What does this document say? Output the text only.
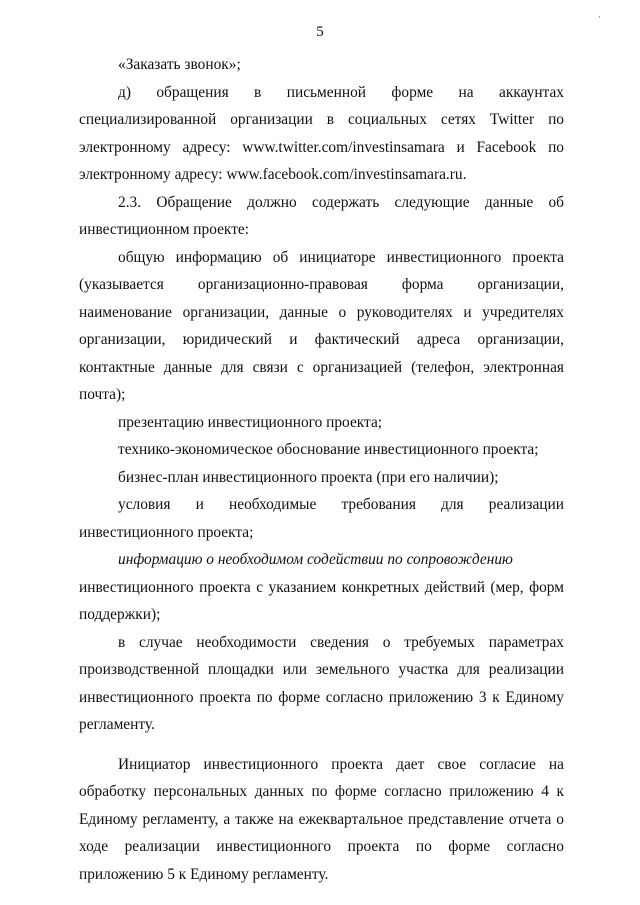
·
5

«Заказать звонок»;

д) обращения в письменной форме на аккаунтах специализированной организации в социальных сетях Twitter по электронному адресу: www.twitter.com/investinsamara и Facebook по электронному адресу: www.facebook.com/investinsamara.ru.

2.3. Обращение должно содержать следующие данные об инвестиционном проекте:

общую информацию об инициаторе инвестиционного проекта (указывается организационно-правовая форма организации, наименование организации, данные о руководителях и учредителях организации, юридический и фактический адреса организации, контактные данные для связи с организацией (телефон, электронная почта);

презентацию инвестиционного проекта;

технико-экономическое обоснование инвестиционного проекта;

бизнес-план инвестиционного проекта (при его наличии);

условия и необходимые требования для реализации инвестиционного проекта;

информацию о необходимом содействии по сопровождению

инвестиционного проекта с указанием конкретных действий (мер, форм поддержки);

в случае необходимости сведения о требуемых параметрах производственной площадки или земельного участка для реализации инвестиционного проекта по форме согласно приложению 3 к Единому регламенту.

Инициатор инвестиционного проекта дает свое согласие на обработку персональных данных по форме согласно приложению 4 к Единому регламенту, а также на ежеквартальное представление отчета о ходе реализации инвестиционного проекта по форме согласно приложению 5 к Единому регламенту.
